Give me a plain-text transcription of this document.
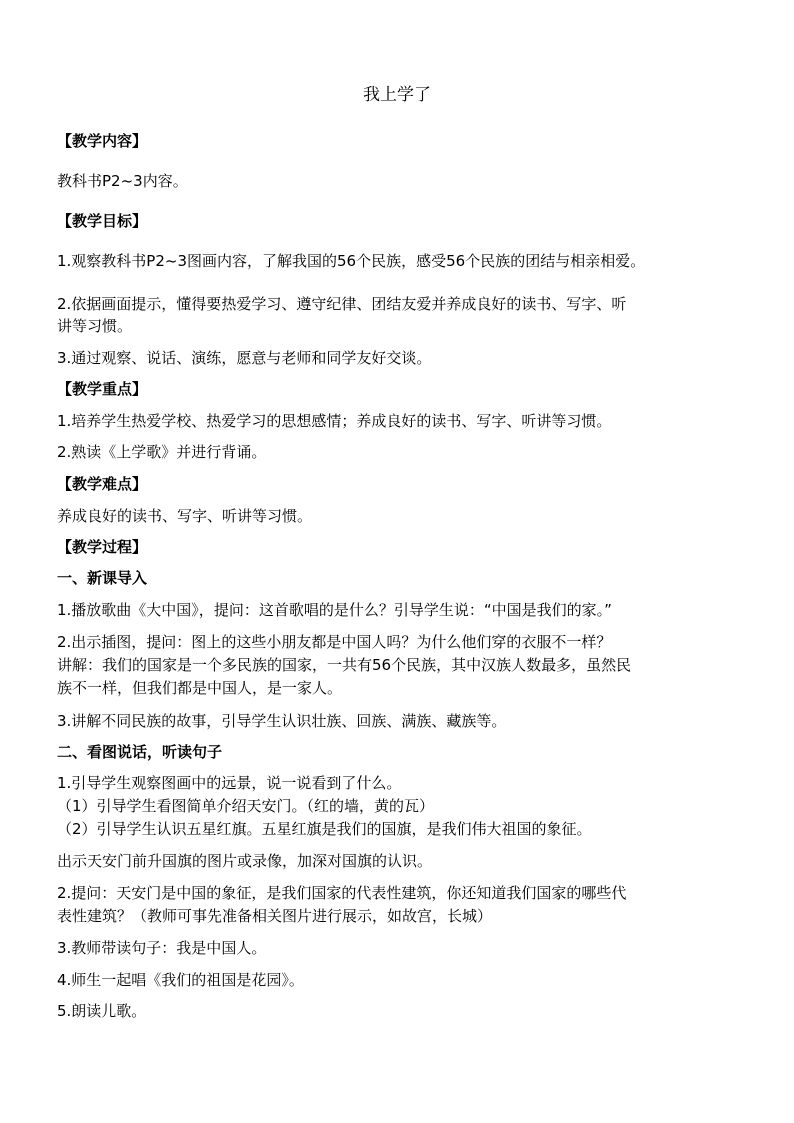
我上学了
【教学内容】
教科书P2~3内容。
【教学目标】
1.观察教科书P2~3图画内容，了解我国的56个民族，感受56个民族的团结与相亲相爱。
2.依据画面提示，懂得要热爱学习、遵守纪律、团结友爱并养成良好的读书、写字、听
讲等习惯。
3.通过观察、说话、演练，愿意与老师和同学友好交谈。
【教学重点】
1.培养学生热爱学校、热爱学习的思想感情；养成良好的读书、写字、听讲等习惯。
2.熟读《上学歌》并进行背诵。
【教学难点】
养成良好的读书、写字、听讲等习惯。
【教学过程】
一、新课导入
1.播放歌曲《大中国》，提问：这首歌唱的是什么？引导学生说：“中国是我们的家。”
2.出示插图，提问：图上的这些小朋友都是中国人吗？为什么他们穿的衣服不一样？
讲解：我们的国家是一个多民族的国家，一共有56个民族，其中汉族人数最多，虽然民
族不一样，但我们都是中国人，是一家人。
3.讲解不同民族的故事，引导学生认识壮族、回族、满族、藏族等。
二、看图说话，听读句子
1.引导学生观察图画中的远景，说一说看到了什么。
（1）引导学生看图简单介绍天安门。（红的墙，黄的瓦）
（2）引导学生认识五星红旗。五星红旗是我们的国旗，是我们伟大祖国的象征。
出示天安门前升国旗的图片或录像，加深对国旗的认识。
2.提问：天安门是中国的象征，是我们国家的代表性建筑，你还知道我们国家的哪些代
表性建筑？（教师可事先准备相关图片进行展示，如故宫，长城）
3.教师带读句子：我是中国人。
4.师生一起唱《我们的祖国是花园》。
5.朗读儿歌。
